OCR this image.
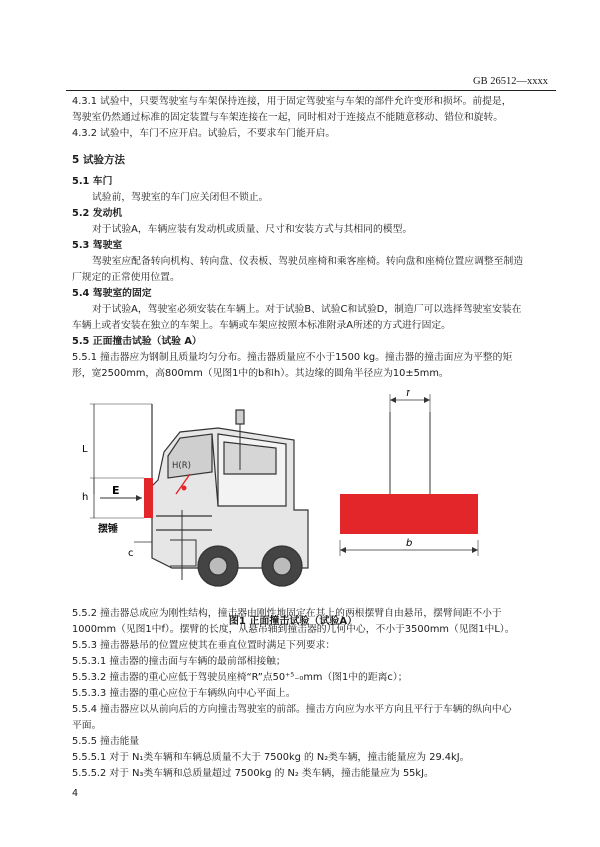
GB 26512—xxxx

4.3.1 试验中，只要驾驶室与车架保持连接，用于固定驾驶室与车架的部件允许变形和损坏。前提是，

驾驶室仍然通过标准的固定装置与车架连接在一起，同时相对于连接点不能随意移动、错位和旋转。

4.3.2 试验中，车门不应开启。试验后，不要求车门能开启。

5 试验方法

5.1 车门

试验前，驾驶室的车门应关闭但不锁止。

5.2 发动机

对于试验A，车辆应装有发动机或质量、尺寸和安装方式与其相同的模型。

5.3 驾驶室

驾驶室应配备转向机构、转向盘、仪表板、驾驶员座椅和乘客座椅。转向盘和座椅位置应调整至制造

厂规定的正常使用位置。

5.4 驾驶室的固定

对于试验A，驾驶室必须安装在车辆上。对于试验B、试验C和试验D，制造厂可以选择驾驶室安装在

车辆上或者安装在独立的车架上。车辆或车架应按照本标准附录A所述的方式进行固定。

5.5 正面撞击试验（试验 A）

5.5.1 撞击器应为钢制且质量均匀分布。撞击器质量应不小于1500 kg。撞击器的撞击面应为平整的矩

形，宽2500mm，高800mm（见图1中的b和h）。其边缘的圆角半径应为10±5mm。

H(R)
L
h
E
摆锤
c
f
b
图1 正面撞击试验（试验A）

5.5.2 撞击器总成应为刚性结构，撞击器由刚性地固定在其上的两根摆臂自由悬吊，摆臂间距不小于

1000mm（见图1中f）。摆臂的长度，从悬吊轴到撞击器的几何中心，不小于3500mm（见图1中L）。

5.5.3 撞击器悬吊的位置应使其在垂直位置时满足下列要求：

5.5.3.1 撞击器的撞击面与车辆的最前部相接触；

5.5.3.2 撞击器的重心应低于驾驶员座椅“R”点50⁺⁵₋₀mm（图1中的距离c）；

5.5.3.3 撞击器的重心应位于车辆纵向中心平面上。

5.5.4 撞击器应以从前向后的方向撞击驾驶室的前部。撞击方向应为水平方向且平行于车辆的纵向中心

平面。

5.5.5 撞击能量

5.5.5.1 对于 N₁类车辆和车辆总质量不大于 7500kg 的 N₂类车辆，撞击能量应为 29.4kJ。

5.5.5.2 对于 N₃类车辆和总质量超过 7500kg 的 N₂ 类车辆，撞击能量应为 55kJ。

4
